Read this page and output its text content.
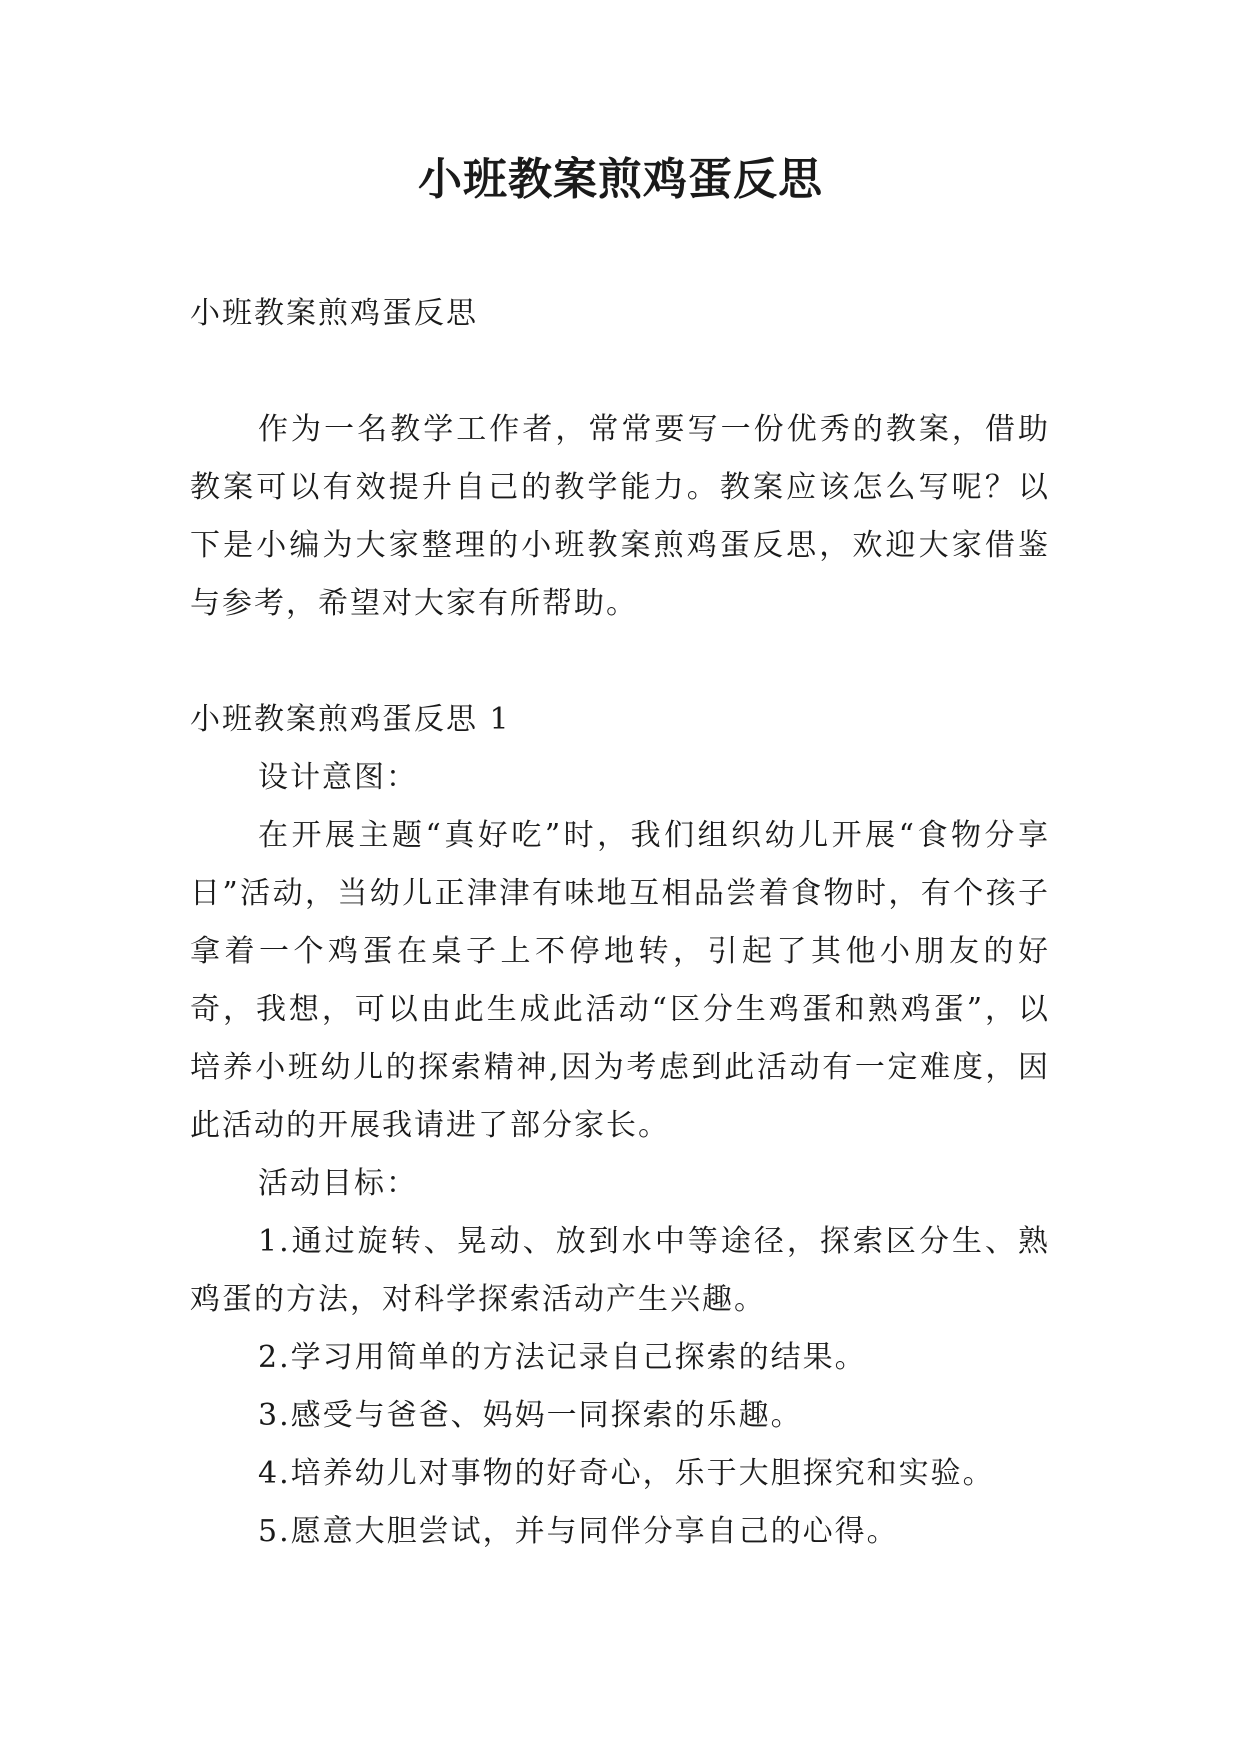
小班教案煎鸡蛋反思

小班教案煎鸡蛋反思

作为一名教学工作者，常常要写一份优秀的教案，借助教案可以有效提升自己的教学能力。教案应该怎么写呢？以下是小编为大家整理的小班教案煎鸡蛋反思，欢迎大家借鉴与参考，希望对大家有所帮助。

小班教案煎鸡蛋反思 1

设计意图：

在开展主题“真好吃”时，我们组织幼儿开展“食物分享日”活动，当幼儿正津津有味地互相品尝着食物时，有个孩子拿着一个鸡蛋在桌子上不停地转，引起了其他小朋友的好奇，我想，可以由此生成此活动“区分生鸡蛋和熟鸡蛋”，以培养小班幼儿的探索精神,因为考虑到此活动有一定难度，因此活动的开展我请进了部分家长。

活动目标：

1.通过旋转、晃动、放到水中等途径，探索区分生、熟鸡蛋的方法，对科学探索活动产生兴趣。

2.学习用简单的方法记录自己探索的结果。

3.感受与爸爸、妈妈一同探索的乐趣。

4.培养幼儿对事物的好奇心，乐于大胆探究和实验。

5.愿意大胆尝试，并与同伴分享自己的心得。
